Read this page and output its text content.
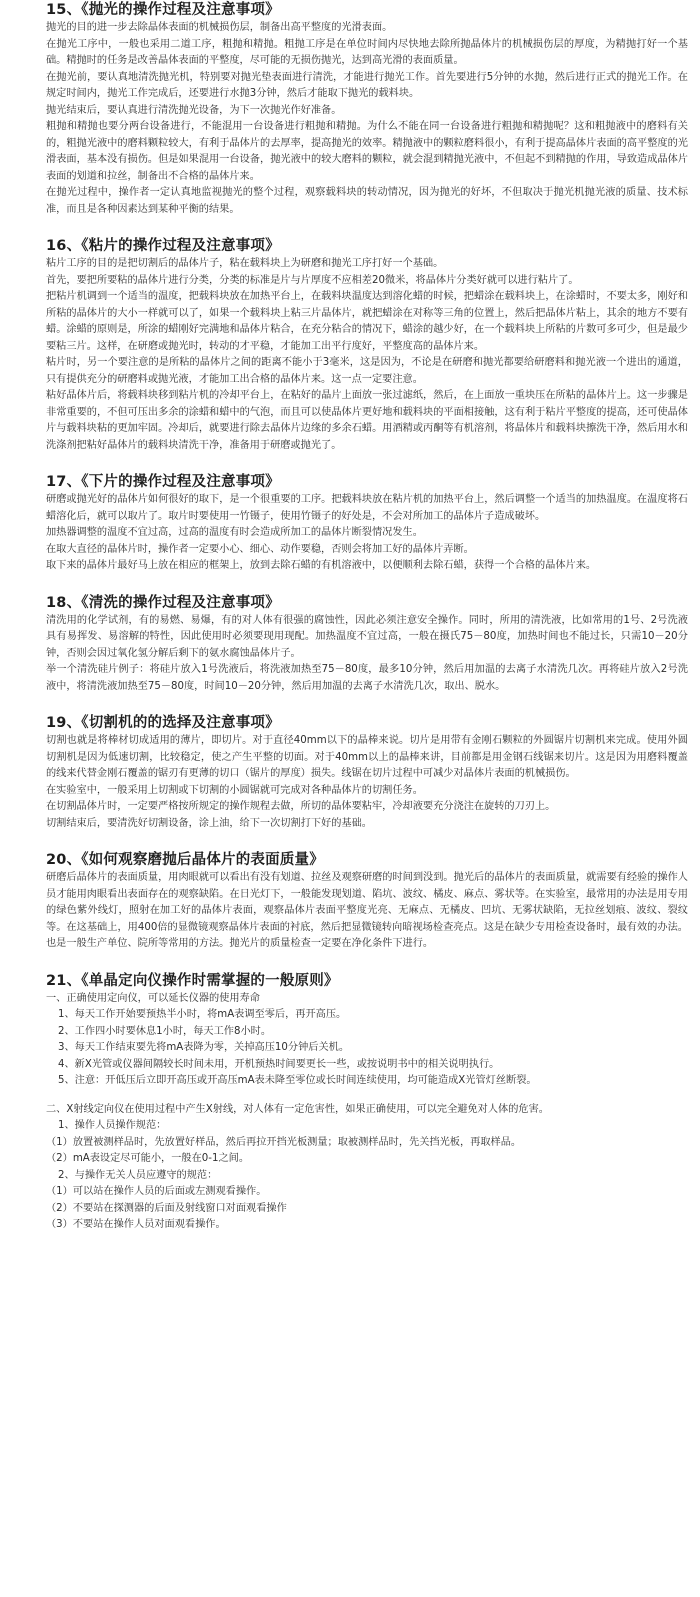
15、《抛光的操作过程及注意事项》

抛光的目的进一步去除晶体表面的机械损伤层，制备出高平整度的光滑表面。

在抛光工序中，一般也采用二道工序，粗抛和精抛。粗抛工序是在单位时间内尽快地去除所抛晶体片的机械损伤层的厚度，为精抛打好一个基础。精抛时的任务是改善晶体表面的平整度，尽可能的无损伤抛光，达到高光滑的表面质量。

在抛光前，要认真地清洗抛光机，特别要对抛光垫表面进行清洗，才能进行抛光工作。首先要进行5分钟的水抛，然后进行正式的抛光工作。在规定时间内，抛光工作完成后，还要进行水抛3分钟，然后才能取下抛光的载料块。

抛光结束后，要认真进行清洗抛光设备，为下一次抛光作好准备。

粗抛和精抛也要分两台设备进行，不能混用一台设备进行粗抛和精抛。为什么不能在同一台设备进行粗抛和精抛呢？这和粗抛液中的磨料有关的，粗抛光液中的磨料颗粒较大，有利于晶体片的去厚率，提高抛光的效率。精抛液中的颗粒磨料很小，有利于提高晶体片表面的高平整度的光滑表面，基本没有损伤。但是如果混用一台设备，抛光液中的较大磨料的颗粒，就会混到精抛光液中，不但起不到精抛的作用，导致造成晶体片表面的划道和拉丝，制备出不合格的晶体片来。

在抛光过程中，操作者一定认真地监视抛光的整个过程，观察载料块的转动情况，因为抛光的好坏，不但取决于抛光机抛光液的质量、技术标准，而且是各种因素达到某种平衡的结果。

16、《粘片的操作过程及注意事项》

粘片工序的目的是把切割后的晶体片子，粘在载料块上为研磨和抛光工序打好一个基础。

首先，要把所要粘的晶体片进行分类，分类的标准是片与片厚度不应相差20微米，将晶体片分类好就可以进行粘片了。

把粘片机调到一个适当的温度，把载料块放在加热平台上，在载料块温度达到溶化蜡的时候，把蜡涂在载料块上，在涂蜡时，不要太多，刚好和所粘的晶体片的大小一样就可以了，如果一个载料块上粘三片晶体片，就把蜡涂在对称等三角的位置上，然后把晶体片粘上，其余的地方不要有蜡。涂蜡的原则是，所涂的蜡刚好完满地和晶体片粘合，在充分粘合的情况下，蜡涂的越少好，在一个载料块上所粘的片数可多可少，但是最少要粘三片。这样，在研磨或抛光时，转动的才平稳，才能加工出平行度好，平整度高的晶体片来。

粘片时，另一个要注意的是所粘的晶体片之间的距离不能小于3毫米，这是因为，不论是在研磨和抛光都要给研磨料和抛光液一个进出的通道，只有提供充分的研磨料或抛光液，才能加工出合格的晶体片来。这一点一定要注意。

粘好晶体片后，将载料块移到粘片机的冷却平台上，在粘好的晶片上面放一张过滤纸，然后，在上面放一重块压在所粘的晶体片上。这一步骤是非常重要的，不但可压出多余的涂蜡和蜡中的气泡，而且可以使晶体片更好地和载料块的平面相接触，这有利于粘片平整度的提高，还可使晶体片与载料块粘的更加牢固。冷却后，就要进行除去晶体片边缘的多余石蜡。用酒精或丙酮等有机溶剂，将晶体片和载料块擦洗干净，然后用水和洗涤剂把粘好晶体片的载料块清洗干净，准备用于研磨或抛光了。

17、《下片的操作过程及注意事项》

研磨或抛光好的晶体片如何很好的取下，是一个很重要的工序。把载料块放在粘片机的加热平台上，然后调整一个适当的加热温度。在温度将石蜡溶化后，就可以取片了。取片时要使用一竹镊子，使用竹镊子的好处是，不会对所加工的晶体片子造成破坏。

加热器调整的温度不宜过高，过高的温度有时会造成所加工的晶体片断裂情况发生。

在取大直径的晶体片时，操作者一定要小心、细心、动作要稳，否则会将加工好的晶体片弄断。

取下来的晶体片最好马上放在相应的框架上，放到去除石蜡的有机溶液中，以便顺利去除石蜡，获得一个合格的晶体片来。

18、《清洗的操作过程及注意事项》

清洗用的化学试剂，有的易燃、易爆，有的对人体有很强的腐蚀性，因此必须注意安全操作。同时，所用的清洗液，比如常用的1号、2号洗液具有易挥发、易溶解的特性，因此使用时必须要现用现配。加热温度不宜过高，一般在摄氏75－80度，加热时间也不能过长，只需10－20分钟，否则会因过氧化氢分解后剩下的氨水腐蚀晶体片子。

举一个清洗硅片例子：将硅片放入1号洗液后，将洗液加热至75－80度，最多10分钟，然后用加温的去离子水清洗几次。再将硅片放入2号洗液中，将清洗液加热至75－80度，时间10－20分钟，然后用加温的去离子水清洗几次，取出、脱水。

19、《切割机的的选择及注意事项》

切割也就是将棒材切成适用的薄片，即切片。对于直径40mm以下的晶棒来说。切片是用带有金刚石颗粒的外圆锯片切割机来完成。使用外圆切割机是因为低速切割，比较稳定，使之产生平整的切面。对于40mm以上的晶棒来讲，目前都是用金钢石线锯来切片。这是因为用磨料覆盖的线来代替金刚石覆盖的锯刃有更薄的切口（锯片的厚度）损失。线锯在切片过程中可减少对晶体片表面的机械损伤。

在实验室中，一般采用上切割或下切割的小圆锯就可完成对各种晶体片的切割任务。

在切割晶体片时，一定要严格按所规定的操作规程去做，所切的晶体要粘牢，冷却液要充分浇注在旋转的刀刃上。

切割结束后，要清洗好切割设备，涂上油，给下一次切割打下好的基础。

20、《如何观察磨抛后晶体片的表面质量》

研磨后晶体片的表面质量，用肉眼就可以看出有没有划道、拉丝及观察研磨的时间到没到。抛光后的晶体片的表面质量，就需要有经验的操作人员才能用肉眼看出表面存在的观察缺陷。在日光灯下，一般能发现划道、陷坑、波纹、橘皮、麻点、雾状等。在实验室，最常用的办法是用专用的绿色紫外线灯，照射在加工好的晶体片表面，观察晶体片表面平整度光亮、无麻点、无橘皮、凹坑、无雾状缺陷，无拉丝划痕、波纹、裂纹等。在这基础上，用400倍的显微镜观察晶体片表面的衬底，然后把显微镜转向暗视场检查亮点。这是在缺少专用检查设备时，最有效的办法。也是一般生产单位、院所等常用的方法。抛光片的质量检查一定要在净化条件下进行。

21、《单晶定向仪操作时需掌握的一般原则》

一、正确使用定向仪，可以延长仪器的使用寿命

1、每天工作开始要预热半小时，将mA表调至零后，再开高压。

2、工作四小时要休息1小时，每天工作8小时。

3、每天工作结束要先将mA表降为零，关掉高压10分钟后关机。

4、新X光管或仪器间隔较长时间未用，开机预热时间要更长一些，或按说明书中的相关说明执行。

5、注意：开低压后立即开高压或开高压mA表未降至零位或长时间连续使用，均可能造成X光管灯丝断裂。

二、X射线定向仪在使用过程中产生X射线，对人体有一定危害性，如果正确使用，可以完全避免对人体的危害。

1、操作人员操作规范：

（1）放置被测样品时，先放置好样品，然后再拉开挡光板测量；取被测样品时，先关挡光板，再取样品。

（2）mA表设定尽可能小，一般在0-1之间。

2、与操作无关人员应遵守的规范：

（1）可以站在操作人员的后面或左测观看操作。

（2）不要站在探测器的后面及射线窗口对面观看操作

（3）不要站在操作人员对面观看操作。
